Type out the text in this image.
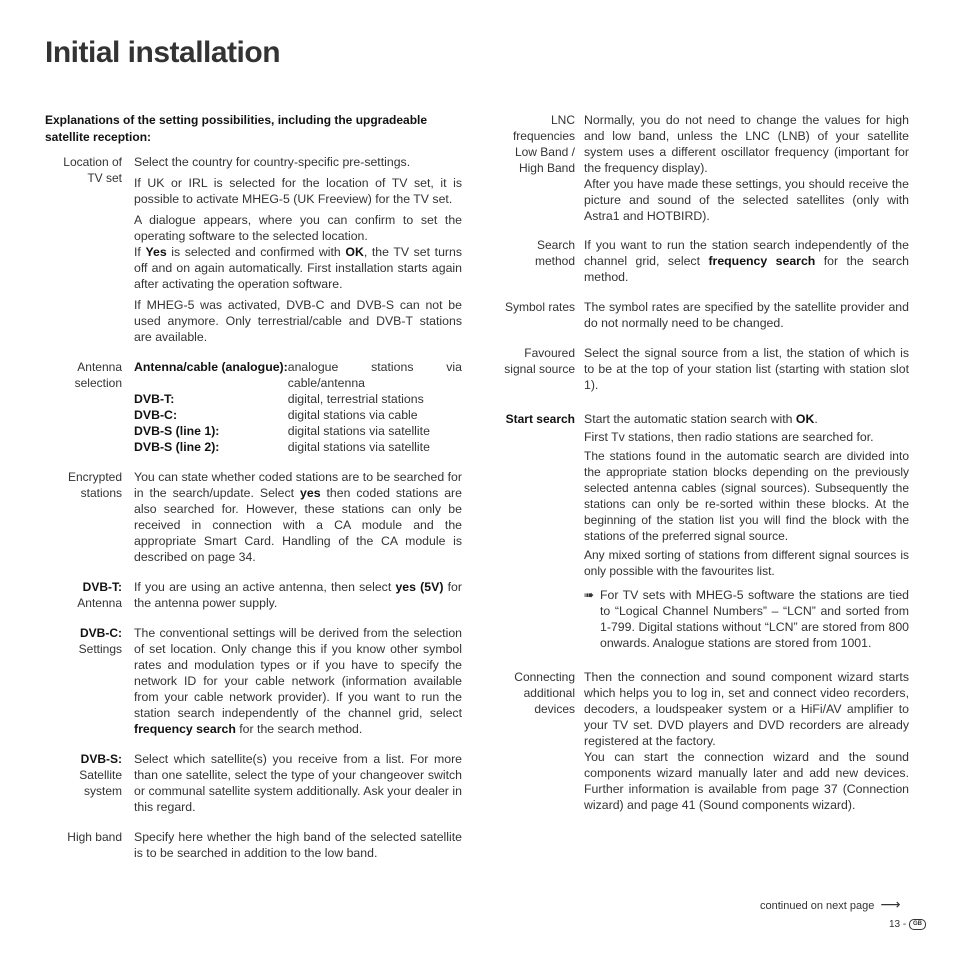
Initial installation
Explanations of the setting possibilities, including the upgradeable satellite reception:
Location of TV set

Select the country for country-specific pre-settings.

If UK or IRL is selected for the location of TV set, it is possible to activate MHEG-5 (UK Freeview) for the TV set.

A dialogue appears, where you can confirm to set the operating software to the selected location.
If Yes is selected and confirmed with OK, the TV set turns off and on again automatically. First installation starts again after activating the operation software.

If MHEG-5 was activated, DVB-C and DVB-S can not be used anymore. Only terrestrial/cable and DVB-T stations are available.

Antenna selection
Antenna/cable (analogue):	analogue stations via cable/antenna
DVB-T:	digital, terrestrial stations
DVB-C:	digital stations via cable
DVB-S (line 1):	digital stations via satellite
DVB-S (line 2):	digital stations via satellite
Encrypted stations
You can state whether coded stations are to be searched for in the search/update. Select yes then coded stations are also searched for. However, these stations can only be received in connection with a CA module and the appropriate Smart Card. Handling of the CA module is described on page 34.
DVB-T:
Antenna
If you are using an active antenna, then select yes (5V) for the antenna power supply.
DVB-C:
Settings
The conventional settings will be derived from the selection of set location. Only change this if you know other symbol rates and modulation types or if you have to specify the network ID for your cable network (information available from your cable network provider). If you want to run the station search independently of the channel grid, select frequency search for the search method.
DVB-S:
Satellite system
Select which satellite(s) you receive from a list. For more than one satellite, select the type of your changeover switch or communal satellite system additionally. Ask your dealer in this regard.
High band Specify here whether the high band of the selected satellite is to be searched in addition to the low band.
LNC frequencies Low Band / High Band

Normally, you do not need to change the values for high and low band, unless the LNC (LNB) of your satellite system uses a different oscillator frequency (important for the frequency display).

After you have made these settings, you should receive the picture and sound of the selected satellites (only with Astra1 and HOTBIRD).

Search method
If you want to run the station search independently of the channel grid, select frequency search for the search method.
Symbol rates The symbol rates are specified by the satellite provider and do not normally need to be changed.
Favoured signal source
Select the signal source from a list, the station of which is to be at the top of your station list (starting with station slot 1).
Start search Start the automatic station search with OK.

First Tv stations, then radio stations are searched for.

The stations found in the automatic search are divided into the appropriate station blocks depending on the previously selected antenna cables (signal sources). Subsequently the stations can only be re-sorted within these blocks. At the beginning of the station list you will find the block with the stations of the preferred signal source.

Any mixed sorting of stations from different signal sources is only possible with the favourites list.

➠ For TV sets with MHEG-5 software the stations are tied to “Logical Channel Numbers” – “LCN” and sorted from 1-799. Digital stations without “LCN” are stored from 800 onwards. Analogue stations are stored from 1001.
Connecting additional devices

Then the connection and sound component wizard starts which helps you to log in, set and connect video recorders, decoders, a loudspeaker system or a HiFi/AV amplifier to your TV set. DVD players and DVD recorders are already registered at the factory.

You can start the connection wizard and the sound components wizard manually later and add new devices. Further information is available from page 37 (Connection wizard) and page 41 (Sound components wizard).

continued on next page ⟶
13 - GB
